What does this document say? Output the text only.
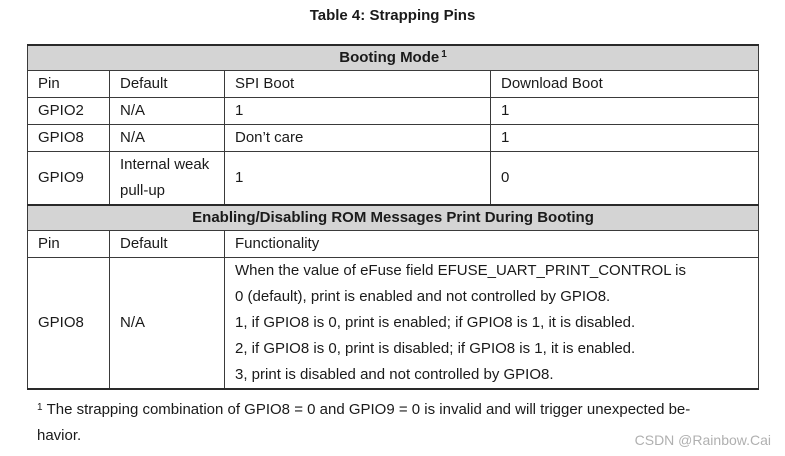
Table 4: Strapping Pins
Booting Mode $^1$
Pin	Default	SPI Boot	Download Boot
GPIO2	N/A	1	1
GPIO8	N/A	Don’t care	1
GPIO9	Internal weak pull-up	1	0
Enabling/Disabling ROM Messages Print During Booting			
Pin	Default	Functionality	
GPIO8	N/A	When the value of eFuse field EFUSE_UART_PRINT_CONTROL is
0 (default), print is enabled and not controlled by GPIO8.
1, if GPIO8 is 0, print is enabled; if GPIO8 is 1, it is disabled.
2, if GPIO8 is 0, print is disabled; if GPIO8 is 1, it is enabled.
3, print is disabled and not controlled by GPIO8.	
$^1$ The strapping combination of GPIO8 = 0 and GPIO9 = 0 is invalid and will trigger unexpected be-
havior.	CSDN @Rainbow.Cai
